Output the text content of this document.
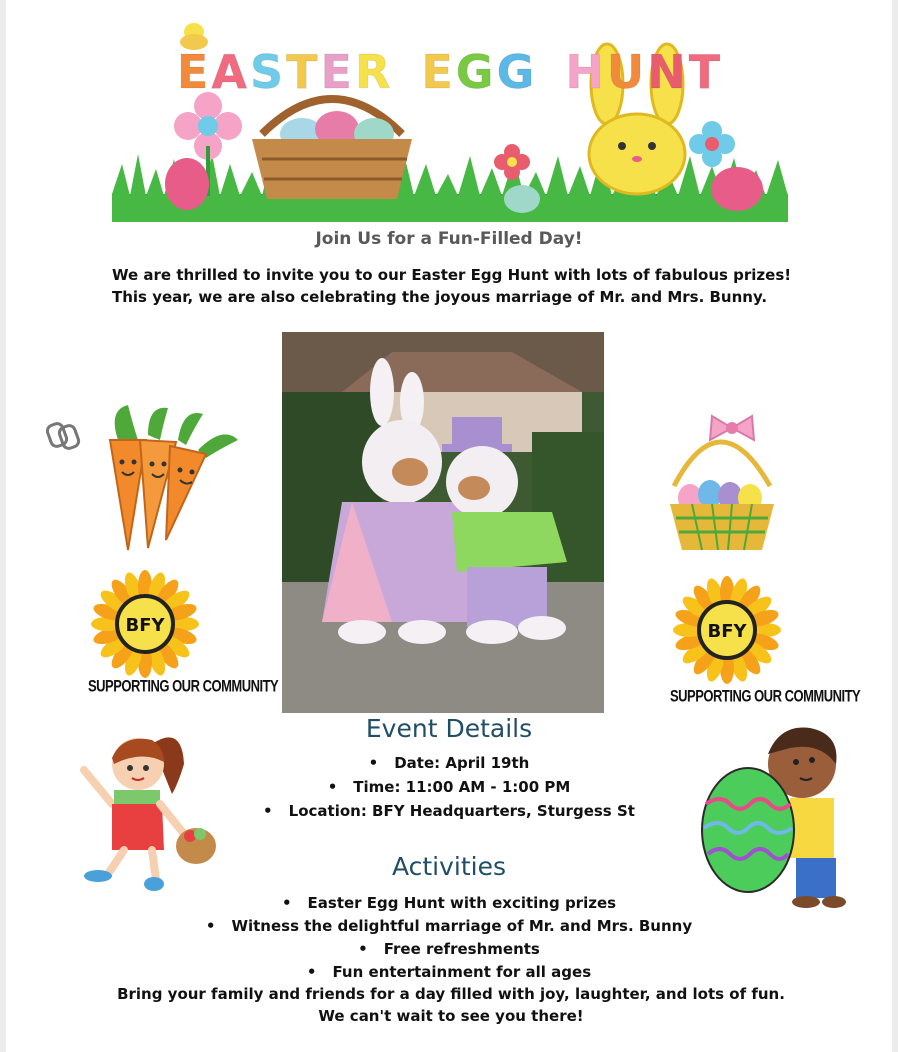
EASTER EGG HUNT
Join Us for a Fun-Filled Day!
We are thrilled to invite you to our Easter Egg Hunt with lots of fabulous prizes! This year, we are also celebrating the joyous marriage of Mr. and Mrs. Bunny.
BFY
SUPPORTING OUR COMMUNITY
BFY
SUPPORTING OUR COMMUNITY
Event Details
• Date: April 19th
• Time: 11:00 AM - 1:00 PM
• Location: BFY Headquarters, Sturgess St
Activities
• Easter Egg Hunt with exciting prizes
• Witness the delightful marriage of Mr. and Mrs. Bunny
• Free refreshments
• Fun entertainment for all ages
Bring your family and friends for a day filled with joy, laughter, and lots of fun. We can't wait to see you there!
